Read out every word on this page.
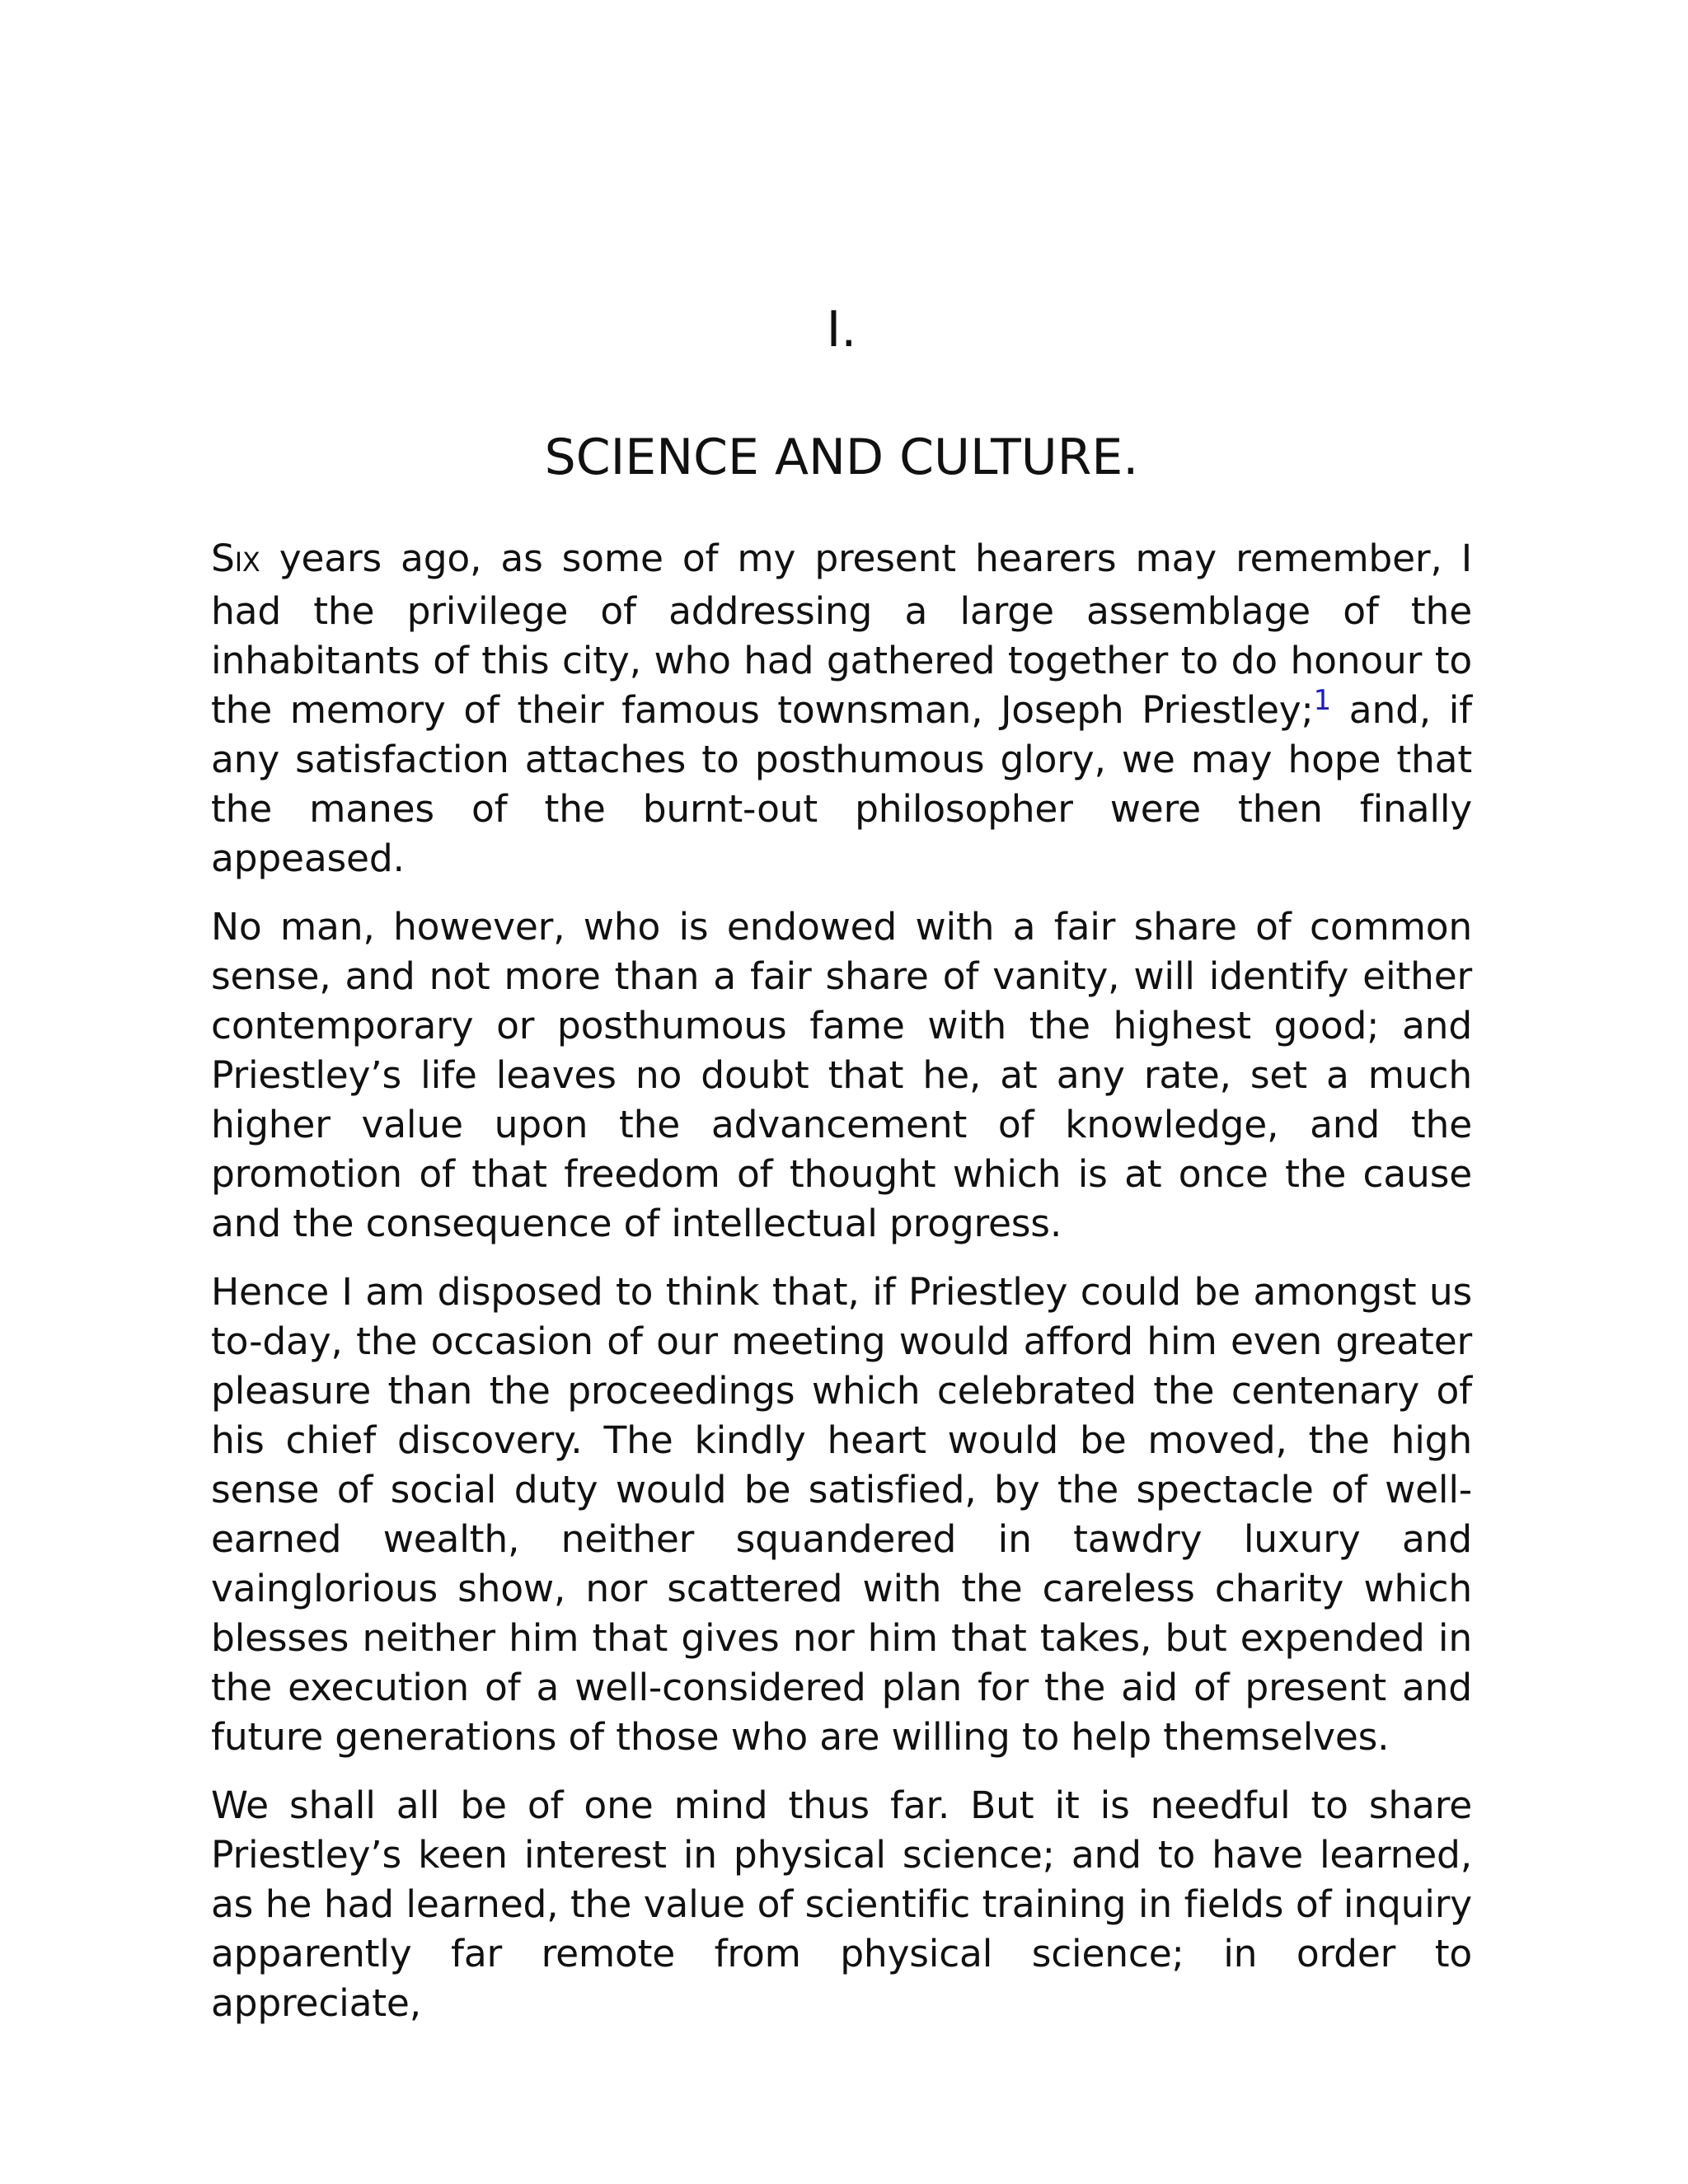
I.
SCIENCE AND CULTURE.

SIX years ago, as some of my present hearers may remember, I had the privilege of addressing a large assemblage of the inhabitants of this city, who had gathered together to do honour to the memory of their famous townsman, Joseph Priestley;$^1$ and, if any satisfaction attaches to posthumous glory, we may hope that the manes of the burnt-out philosopher were then finally appeased.

No man, however, who is endowed with a fair share of common sense, and not more than a fair share of vanity, will identify either contemporary or posthumous fame with the highest good; and Priestley’s life leaves no doubt that he, at any rate, set a much higher value upon the advancement of knowledge, and the promotion of that freedom of thought which is at once the cause and the consequence of intellectual progress.

Hence I am disposed to think that, if Priestley could be amongst us to-day, the occasion of our meeting would afford him even greater pleasure than the proceedings which celebrated the centenary of his chief discovery. The kindly heart would be moved, the high sense of social duty would be satisfied, by the spectacle of well-earned wealth, neither squandered in tawdry luxury and vainglorious show, nor scattered with the careless charity which blesses neither him that gives nor him that takes, but expended in the execution of a well-considered plan for the aid of present and future generations of those who are willing to help themselves.

We shall all be of one mind thus far. But it is needful to share Priestley’s keen interest in physical science; and to have learned, as he had learned, the value of scientific training in fields of inquiry apparently far remote from physical science; in order to appreciate,
